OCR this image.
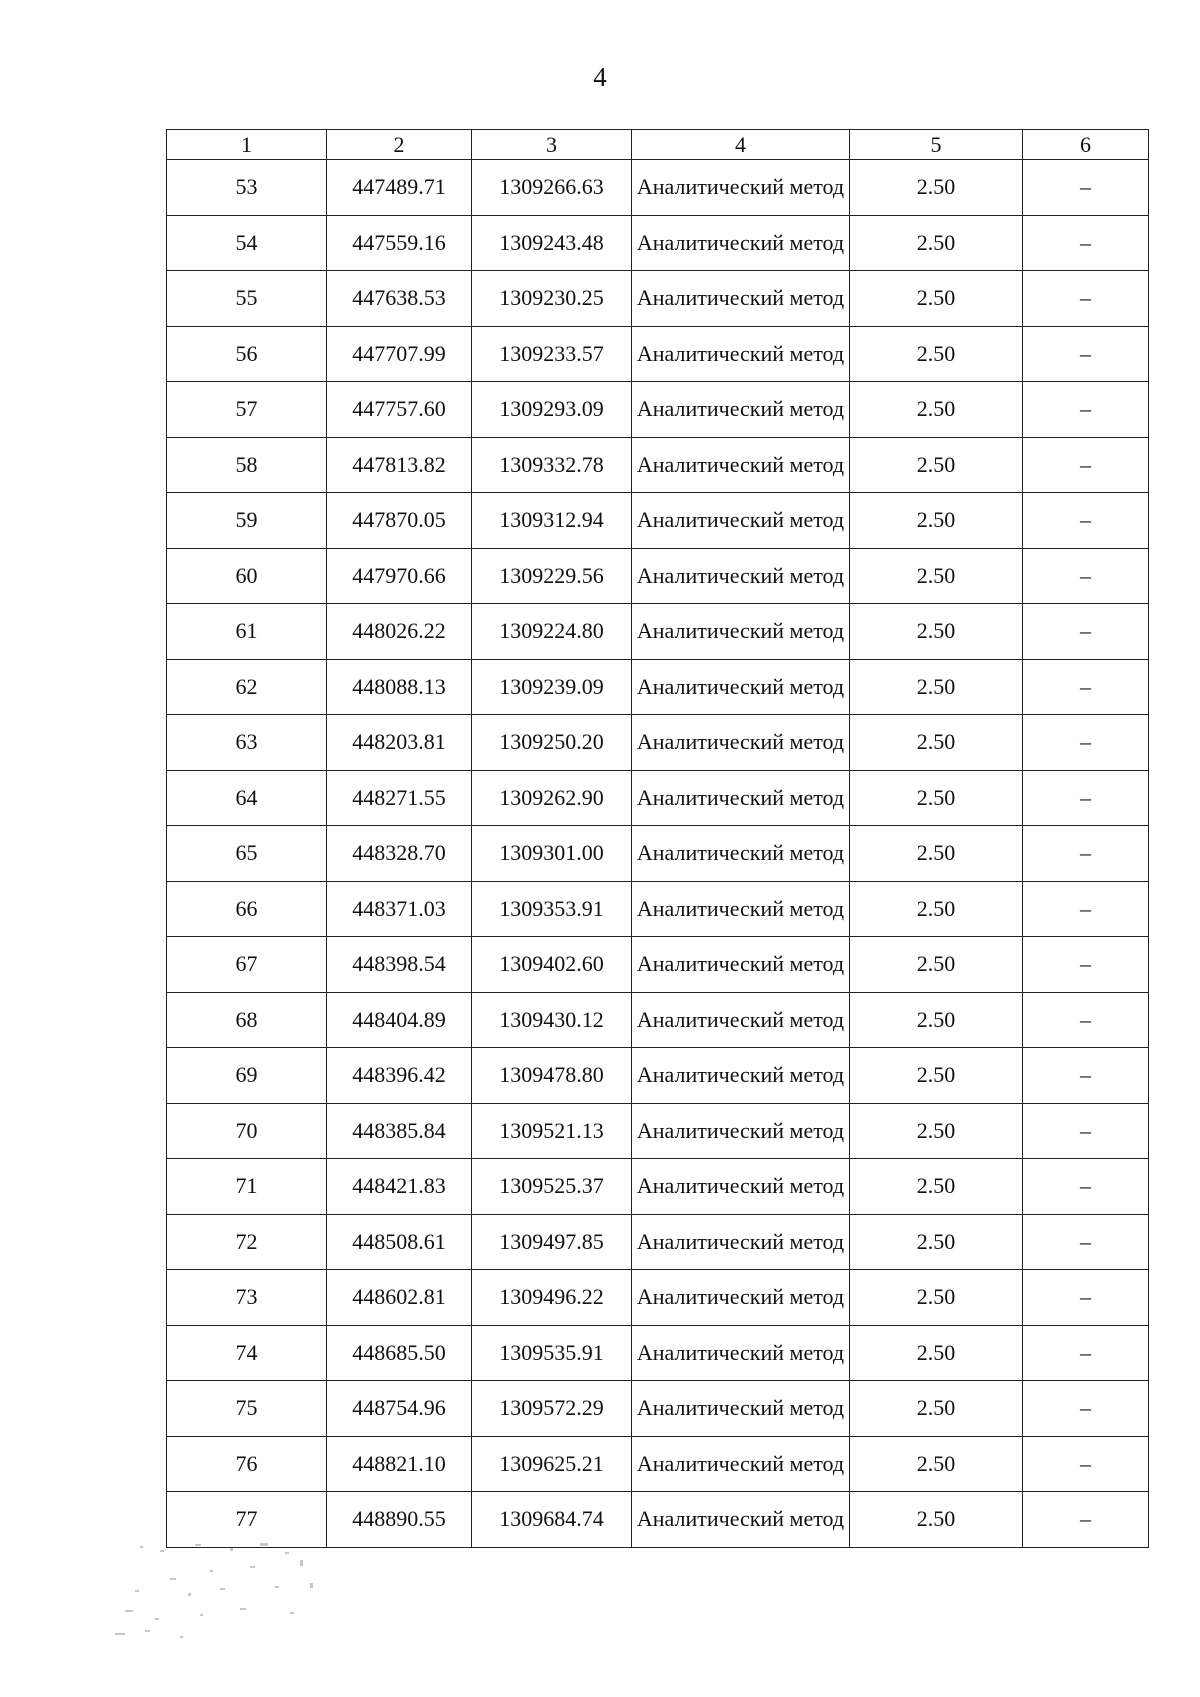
4
1	2	3	4	5	6
53	447489.71	1309266.63	Аналитический метод	2.50	–
54	447559.16	1309243.48	Аналитический метод	2.50	–
55	447638.53	1309230.25	Аналитический метод	2.50	–
56	447707.99	1309233.57	Аналитический метод	2.50	–
57	447757.60	1309293.09	Аналитический метод	2.50	–
58	447813.82	1309332.78	Аналитический метод	2.50	–
59	447870.05	1309312.94	Аналитический метод	2.50	–
60	447970.66	1309229.56	Аналитический метод	2.50	–
61	448026.22	1309224.80	Аналитический метод	2.50	–
62	448088.13	1309239.09	Аналитический метод	2.50	–
63	448203.81	1309250.20	Аналитический метод	2.50	–
64	448271.55	1309262.90	Аналитический метод	2.50	–
65	448328.70	1309301.00	Аналитический метод	2.50	–
66	448371.03	1309353.91	Аналитический метод	2.50	–
67	448398.54	1309402.60	Аналитический метод	2.50	–
68	448404.89	1309430.12	Аналитический метод	2.50	–
69	448396.42	1309478.80	Аналитический метод	2.50	–
70	448385.84	1309521.13	Аналитический метод	2.50	–
71	448421.83	1309525.37	Аналитический метод	2.50	–
72	448508.61	1309497.85	Аналитический метод	2.50	–
73	448602.81	1309496.22	Аналитический метод	2.50	–
74	448685.50	1309535.91	Аналитический метод	2.50	–
75	448754.96	1309572.29	Аналитический метод	2.50	–
76	448821.10	1309625.21	Аналитический метод	2.50	–
77	448890.55	1309684.74	Аналитический метод	2.50	–
